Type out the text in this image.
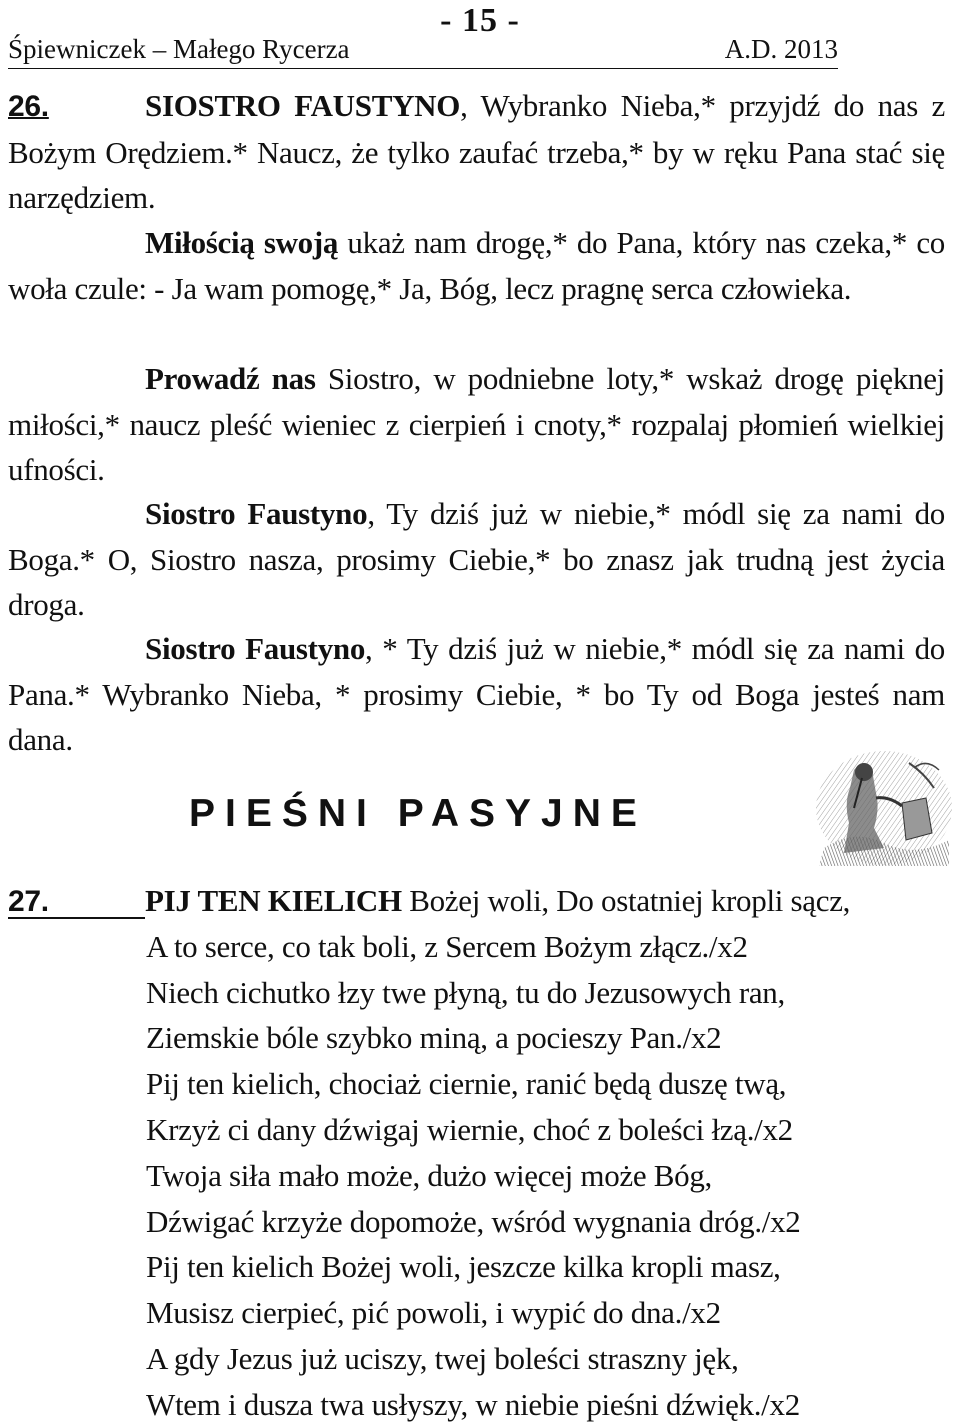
- 15 -
Śpiewniczek – Małego Rycerza	A.D. 2013

26.	SIOSTRO FAUSTYNO, Wybranko Nieba,* przyjdź do nas z Bożym Orędziem.* Naucz, że tylko zaufać trzeba,* by w ręku Pana stać się narzędziem.

Miłością swoją ukaż nam drogę,* do Pana, który nas czeka,* co woła czule: - Ja wam pomogę,* Ja, Bóg, lecz pragnę serca człowieka.

Prowadź nas Siostro, w podniebne loty,* wskaż drogę pięknej miłości,* naucz pleść wieniec z cierpień i cnoty,* rozpalaj płomień wielkiej ufności.

Siostro Faustyno, Ty dziś już w niebie,* módl się za nami do Boga.* O, Siostro nasza, prosimy Ciebie,* bo znasz jak trudną jest życia droga.

Siostro Faustyno, * Ty dziś już w niebie,* módl się za nami do Pana.* Wybranko Nieba, * prosimy Ciebie, * bo Ty od Boga jesteś nam dana.

PIEŚNI PASYJNE
27.	PIJ TEN KIELICH Bożej woli, Do ostatniej kropli sącz,
A to serce, co tak boli, z Sercem Bożym złącz./x2
Niech cichutko łzy twe płyną, tu do Jezusowych ran,
Ziemskie bóle szybko miną, a pocieszy Pan./x2
Pij ten kielich, chociaż ciernie, ranić będą duszę twą,
Krzyż ci dany dźwigaj wiernie, choć z boleści łzą./x2
Twoja siła mało może, dużo więcej może Bóg,
Dźwigać krzyże dopomoże, wśród wygnania dróg./x2
Pij ten kielich Bożej woli, jeszcze kilka kropli masz,
Musisz cierpieć, pić powoli, i wypić do dna./x2
A gdy Jezus już uciszy, twej boleści straszny jęk,
Wtem i dusza twa usłyszy, w niebie pieśni dźwięk./x2
